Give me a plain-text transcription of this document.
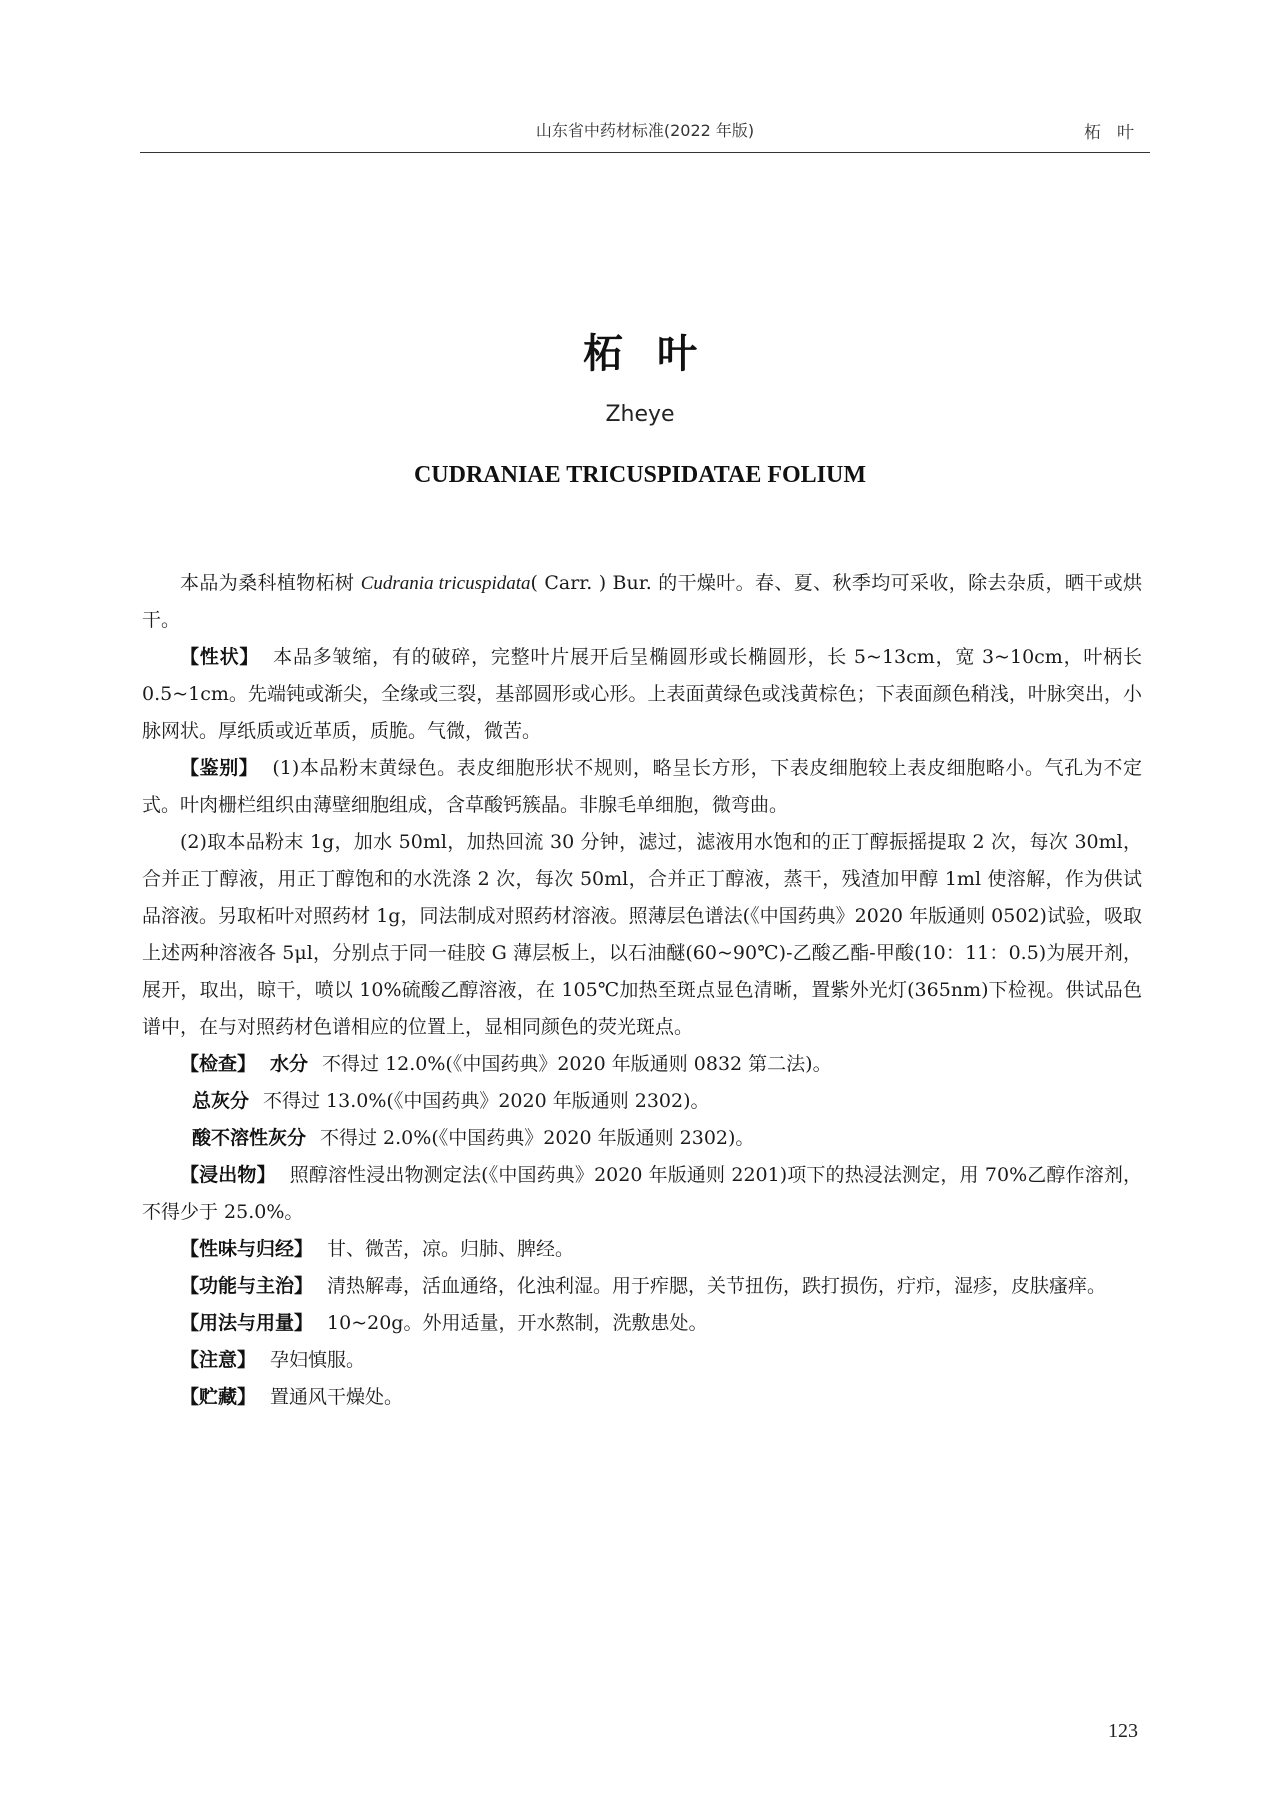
山东省中药材标准(2022 年版)	柘叶
柘叶
Zheye
CUDRANIAE TRICUSPIDATAE FOLIUM

本品为桑科植物柘树 Cudrania tricuspidata( Carr. ) Bur. 的干燥叶。春、夏、秋季均可采收，除去杂质，晒干或烘干。

【性状】 本品多皱缩，有的破碎，完整叶片展开后呈椭圆形或长椭圆形，长 5~13cm，宽 3~10cm，叶柄长 0.5~1cm。先端钝或渐尖，全缘或三裂，基部圆形或心形。上表面黄绿色或浅黄棕色；下表面颜色稍浅，叶脉突出，小脉网状。厚纸质或近革质，质脆。气微，微苦。

【鉴别】 (1)本品粉末黄绿色。表皮细胞形状不规则，略呈长方形，下表皮细胞较上表皮细胞略小。气孔为不定式。叶肉栅栏组织由薄壁细胞组成，含草酸钙簇晶。非腺毛单细胞，微弯曲。

(2)取本品粉末 1g，加水 50ml，加热回流 30 分钟，滤过，滤液用水饱和的正丁醇振摇提取 2 次，每次 30ml，合并正丁醇液，用正丁醇饱和的水洗涤 2 次，每次 50ml，合并正丁醇液，蒸干，残渣加甲醇 1ml 使溶解，作为供试品溶液。另取柘叶对照药材 1g，同法制成对照药材溶液。照薄层色谱法(《中国药典》2020 年版通则 0502)试验，吸取上述两种溶液各 5μl，分别点于同一硅胶 G 薄层板上，以石油醚(60~90℃)-乙酸乙酯-甲酸(10：11：0.5)为展开剂，展开，取出，晾干，喷以 10%硫酸乙醇溶液，在 105℃加热至斑点显色清晰，置紫外光灯(365nm)下检视。供试品色谱中，在与对照药材色谱相应的位置上，显相同颜色的荧光斑点。

【检查】 水分 不得过 12.0%(《中国药典》2020 年版通则 0832 第二法)。

总灰分 不得过 13.0%(《中国药典》2020 年版通则 2302)。

酸不溶性灰分 不得过 2.0%(《中国药典》2020 年版通则 2302)。

【浸出物】 照醇溶性浸出物测定法(《中国药典》2020 年版通则 2201)项下的热浸法测定，用 70%乙醇作溶剂，不得少于 25.0%。

【性味与归经】 甘、微苦，凉。归肺、脾经。

【功能与主治】 清热解毒，活血通络，化浊利湿。用于痄腮，关节扭伤，跌打损伤，疔疖，湿疹，皮肤瘙痒。

【用法与用量】 10~20g。外用适量，开水熬制，洗敷患处。

【注意】 孕妇慎服。

【贮藏】 置通风干燥处。

123
